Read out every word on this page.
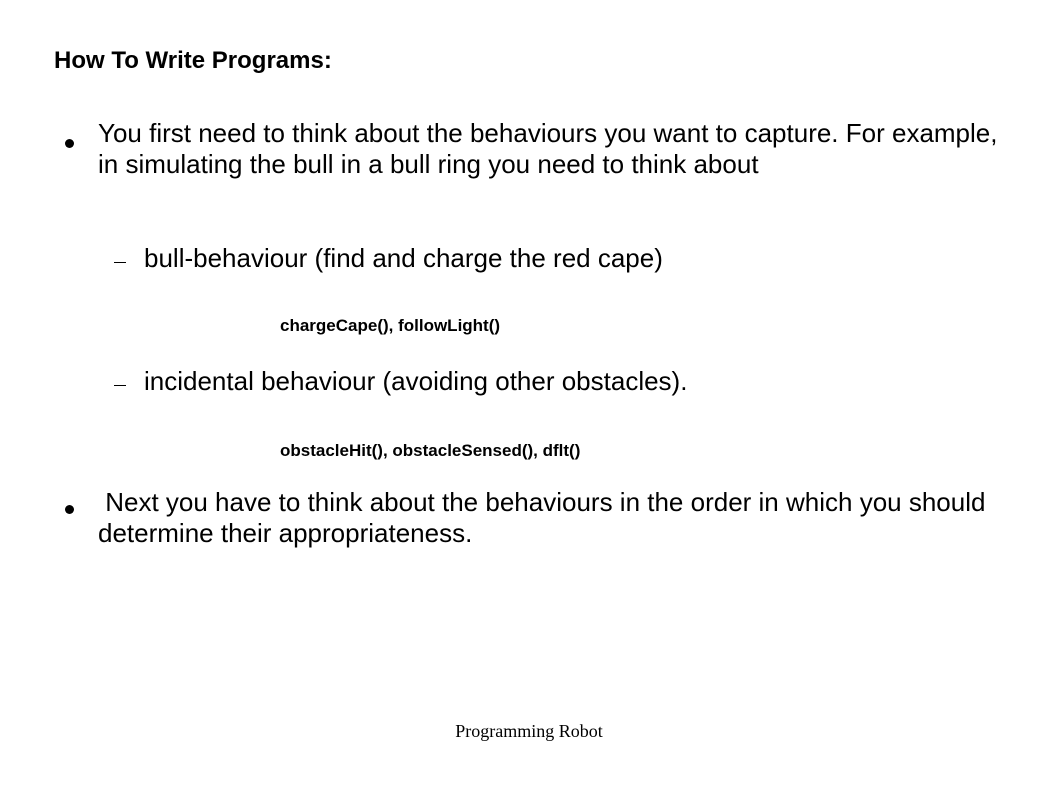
How To Write Programs:
You first need to think about the behaviours you want to capture. For example, in simulating the bull in a bull ring you need to think about
bull-behaviour (find and charge the red cape)
chargeCape(), followLight()
incidental behaviour (avoiding other obstacles).
obstacleHit(), obstacleSensed(), dflt()
Next you have to think about the behaviours in the order in which you should determine their appropriateness.
Programming Robot
